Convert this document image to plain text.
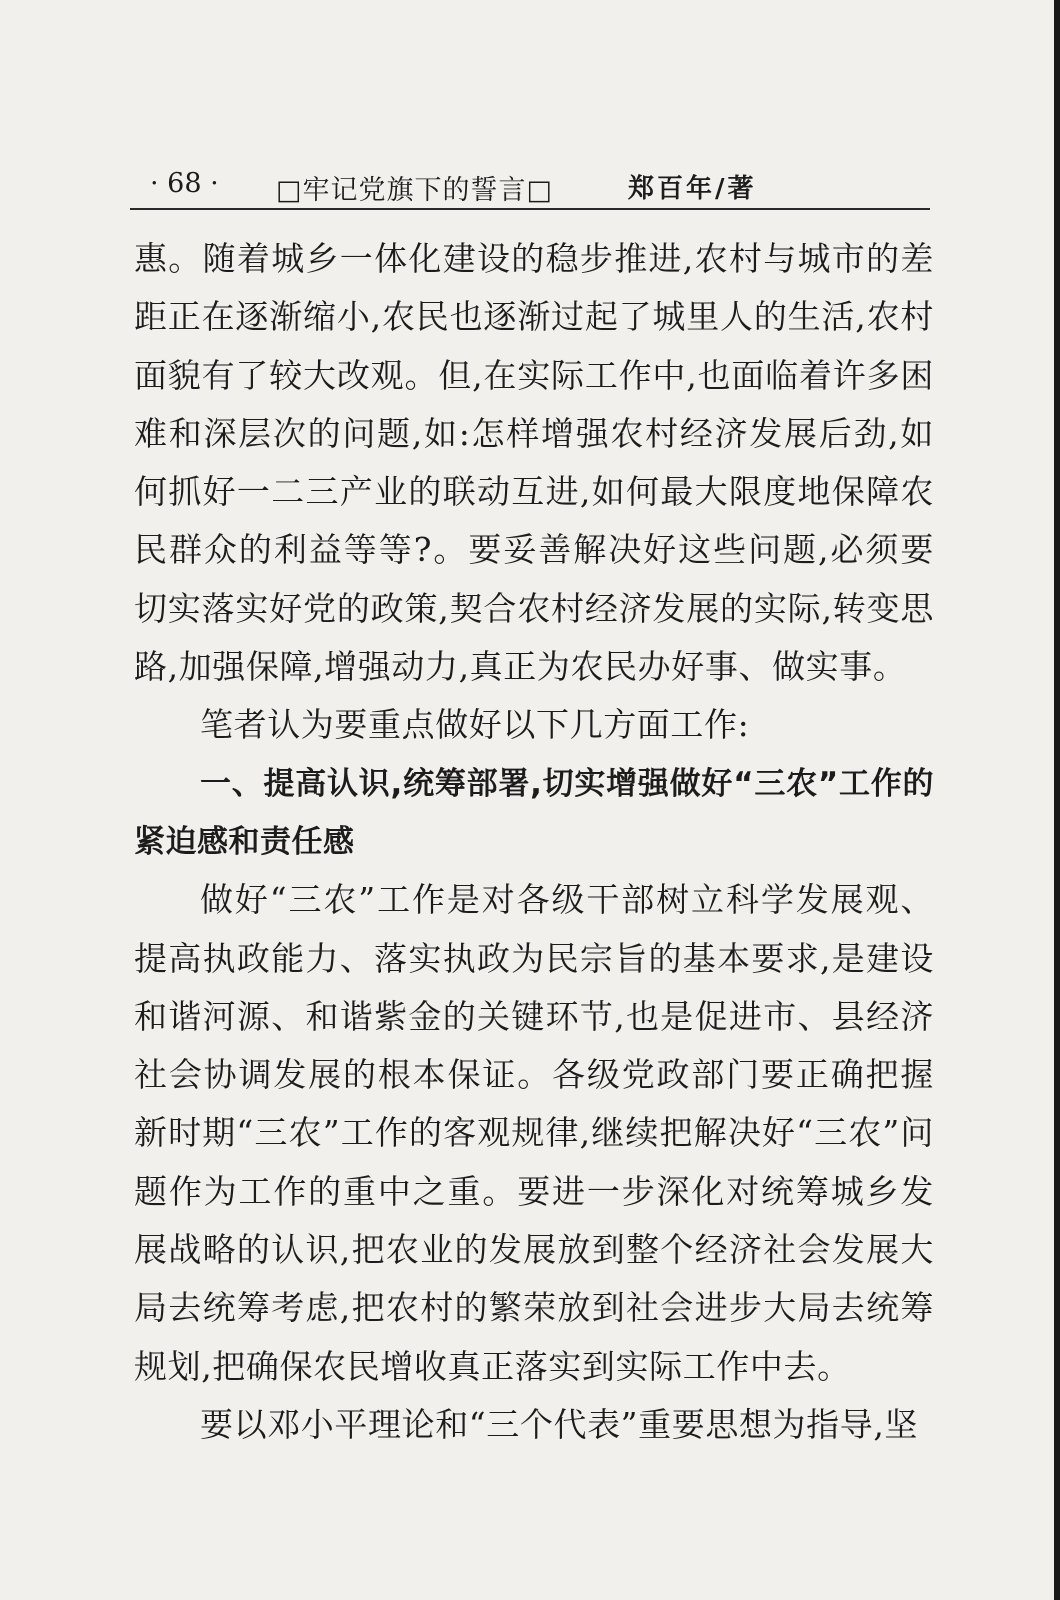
· 68 · □牢记党旗下的誓言□	郑百年/著

惠。随着城乡一体化建设的稳步推进,农村与城市的差距正在逐渐缩小,农民也逐渐过起了城里人的生活,农村面貌有了较大改观。但,在实际工作中,也面临着许多困难和深层次的问题,如:怎样增强农村经济发展后劲,如何抓好一二三产业的联动互进,如何最大限度地保障农民群众的利益等等?。要妥善解决好这些问题,必须要切实落实好党的政策,契合农村经济发展的实际,转变思路,加强保障,增强动力,真正为农民办好事、做实事。

笔者认为要重点做好以下几方面工作:

一、提高认识,统筹部署,切实增强做好“三农”工作的紧迫感和责任感

做好“三农”工作是对各级干部树立科学发展观、提高执政能力、落实执政为民宗旨的基本要求,是建设和谐河源、和谐紫金的关键环节,也是促进市、县经济社会协调发展的根本保证。各级党政部门要正确把握新时期“三农”工作的客观规律,继续把解决好“三农”问题作为工作的重中之重。要进一步深化对统筹城乡发展战略的认识,把农业的发展放到整个经济社会发展大局去统筹考虑,把农村的繁荣放到社会进步大局去统筹规划,把确保农民增收真正落实到实际工作中去。

要以邓小平理论和“三个代表”重要思想为指导,坚
